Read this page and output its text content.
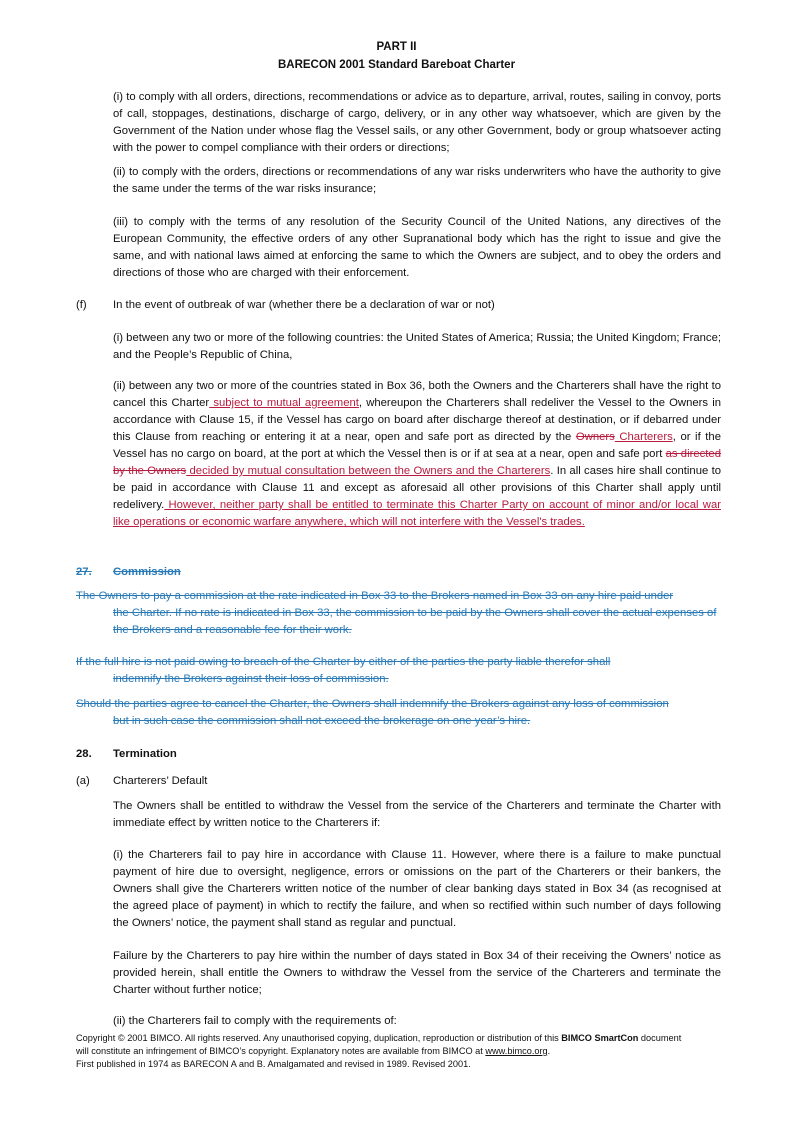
PART II
BARECON 2001 Standard Bareboat Charter

(i) to comply with all orders, directions, recommendations or advice as to departure, arrival, routes, sailing in convoy, ports of call, stoppages, destinations, discharge of cargo, delivery, or in any other way whatsoever, which are given by the Government of the Nation under whose flag the Vessel sails, or any other Government, body or group whatsoever acting with the power to compel compliance with their orders or directions;

(ii) to comply with the orders, directions or recommendations of any war risks underwriters who have the authority to give the same under the terms of the war risks insurance;

(iii) to comply with the terms of any resolution of the Security Council of the United Nations, any directives of the European Community, the effective orders of any other Supranational body which has the right to issue and give the same, and with national laws aimed at enforcing the same to which the Owners are subject, and to obey the orders and directions of those who are charged with their enforcement.

(f) In the event of outbreak of war (whether there be a declaration of war or not)

(i) between any two or more of the following countries: the United States of America; Russia; the United Kingdom; France; and the People’s Republic of China,

(ii) between any two or more of the countries stated in Box 36, both the Owners and the Charterers shall have the right to cancel this Charter subject to mutual agreement, whereupon the Charterers shall redeliver the Vessel to the Owners in accordance with Clause 15, if the Vessel has cargo on board after discharge thereof at destination, or if debarred under this Clause from reaching or entering it at a near, open and safe port as directed by the Owners Charterers, or if the Vessel has no cargo on board, at the port at which the Vessel then is or if at sea at a near, open and safe port as directed by the Owners decided by mutual consultation between the Owners and the Charterers. In all cases hire shall continue to be paid in accordance with Clause 11 and except as aforesaid all other provisions of this Charter shall apply until redelivery. However, neither party shall be entitled to terminate this Charter Party on account of minor and/or local war like operations or economic warfare anywhere, which will not interfere with the Vessel's trades.

27. Commission
The Owners to pay a commission at the rate indicated in Box 33 to the Brokers named in Box 33 on any hire paid under
the Charter. If no rate is indicated in Box 33, the commission to be paid by the Owners shall cover the actual expenses of the Brokers and a reasonable fee for their work.
If the full hire is not paid owing to breach of the Charter by either of the parties the party liable therefor shall
indemnify the Brokers against their loss of commission.
Should the parties agree to cancel the Charter, the Owners shall indemnify the Brokers against any loss of commission
but in such case the commission shall not exceed the brokerage on one year’s hire.
28. Termination
(a) Charterers’ Default

The Owners shall be entitled to withdraw the Vessel from the service of the Charterers and terminate the Charter with immediate effect by written notice to the Charterers if:

(i) the Charterers fail to pay hire in accordance with Clause 11. However, where there is a failure to make punctual payment of hire due to oversight, negligence, errors or omissions on the part of the Charterers or their bankers, the Owners shall give the Charterers written notice of the number of clear banking days stated in Box 34 (as recognised at the agreed place of payment) in which to rectify the failure, and when so rectified within such number of days following the Owners’ notice, the payment shall stand as regular and punctual.

Failure by the Charterers to pay hire within the number of days stated in Box 34 of their receiving the Owners’ notice as provided herein, shall entitle the Owners to withdraw the Vessel from the service of the Charterers and terminate the Charter without further notice;

(ii) the Charterers fail to comply with the requirements of:

Copyright © 2001 BIMCO. All rights reserved. Any unauthorised copying, duplication, reproduction or distribution of this BIMCO SmartCon document
will constitute an infringement of BIMCO’s copyright. Explanatory notes are available from BIMCO at www.bimco.org.
First published in 1974 as BARECON A and B. Amalgamated and revised in 1989. Revised 2001.
